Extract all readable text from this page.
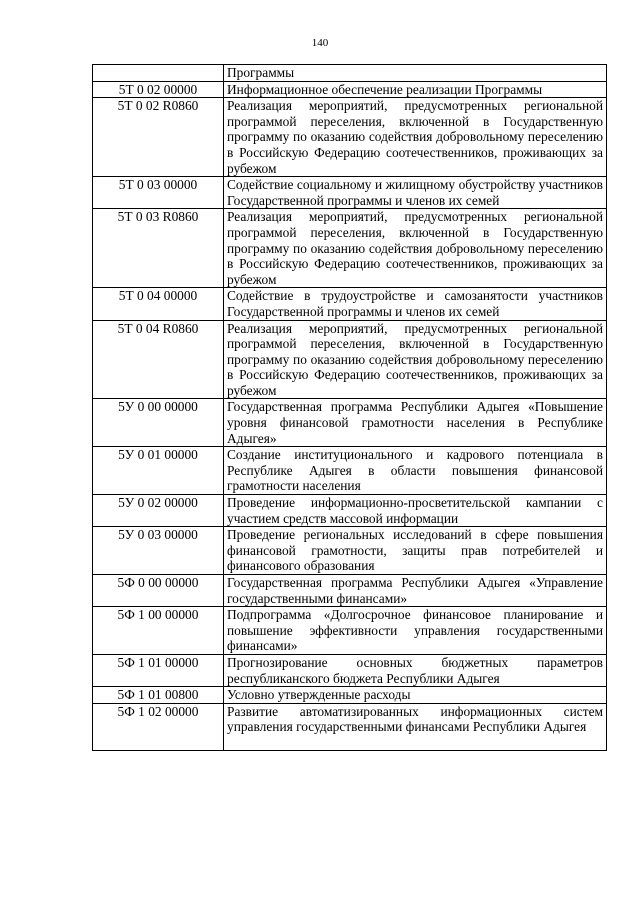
140
	Программы
5Т 0 02 00000	Информационное обеспечение реализации Программы
5Т 0 02 R0860	Реализация мероприятий, предусмотренных региональной программой переселения, включенной в Государственную программу по оказанию содействия добровольному переселению в Российскую Федерацию соотечественников, проживающих за рубежом
5Т 0 03 00000	Содействие социальному и жилищному обустройству участников Государственной программы и членов их семей
5Т 0 03 R0860	Реализация мероприятий, предусмотренных региональной программой переселения, включенной в Государственную программу по оказанию содействия добровольному переселению в Российскую Федерацию соотечественников, проживающих за рубежом
5Т 0 04 00000	Содействие в трудоустройстве и самозанятости участников Государственной программы и членов их семей
5Т 0 04 R0860	Реализация мероприятий, предусмотренных региональной программой переселения, включенной в Государственную программу по оказанию содействия добровольному переселению в Российскую Федерацию соотечественников, проживающих за рубежом
5У 0 00 00000	Государственная программа Республики Адыгея «Повышение уровня финансовой грамотности населения в Республике Адыгея»
5У 0 01 00000	Создание институционального и кадрового потенциала в Республике Адыгея в области повышения финансовой грамотности населения
5У 0 02 00000	Проведение информационно-просветительской кампании с участием средств массовой информации
5У 0 03 00000	Проведение региональных исследований в сфере повышения финансовой грамотности, защиты прав потребителей и финансового образования
5Ф 0 00 00000	Государственная программа Республики Адыгея «Управление государственными финансами»
5Ф 1 00 00000	Подпрограмма «Долгосрочное финансовое планирование и повышение эффективности управления государственными финансами»
5Ф 1 01 00000	Прогнозирование основных бюджетных параметров республиканского бюджета Республики Адыгея
5Ф 1 01 00800	Условно утвержденные расходы
5Ф 1 02 00000	Развитие автоматизированных информационных систем управления государственными финансами Республики Адыгея
